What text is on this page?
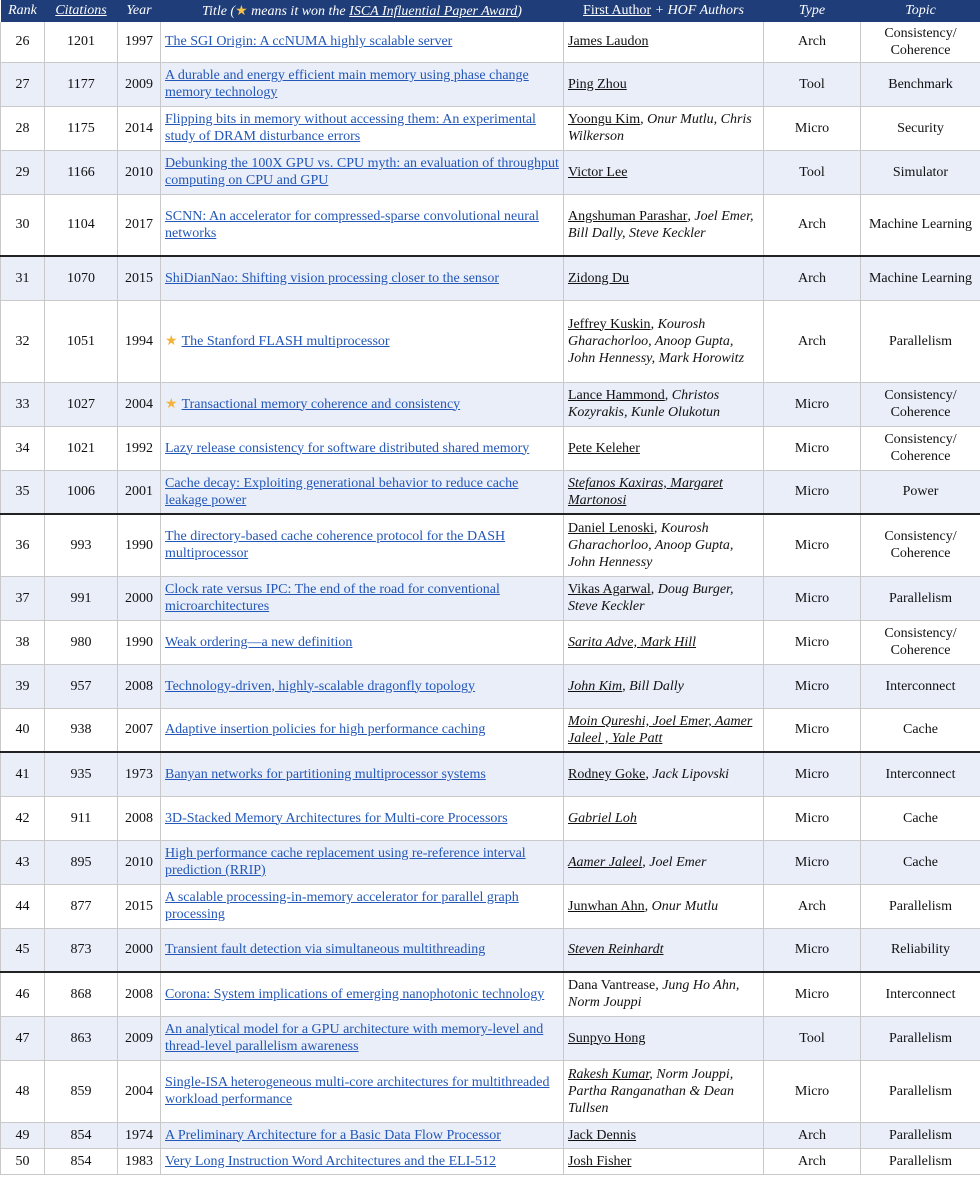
Rank	Citations	Year	Title (★ means it won the ISCA Influential Paper Award)	First Author + HOF Authors	Type	Topic
26	1201	1997	The SGI Origin: A ccNUMA highly scalable server	James Laudon	Arch	Consistency/ Coherence
27	1177	2009	A durable and energy efficient main memory using phase change memory technology	Ping Zhou	Tool	Benchmark
28	1175	2014	Flipping bits in memory without accessing them: An experimental study of DRAM disturbance errors	Yoongu Kim, Onur Mutlu, Chris Wilkerson	Micro	Security
29	1166	2010	Debunking the 100X GPU vs. CPU myth: an evaluation of throughput computing on CPU and GPU	Victor Lee	Tool	Simulator
30	1104	2017	SCNN: An accelerator for compressed-sparse convolutional neural networks	Angshuman Parashar, Joel Emer, Bill Dally, Steve Keckler	Arch	Machine Learning
31	1070	2015	ShiDianNao: Shifting vision processing closer to the sensor	Zidong Du	Arch	Machine Learning
32	1051	1994	★ The Stanford FLASH multiprocessor	Jeffrey Kuskin, Kourosh Gharachorloo, Anoop Gupta, John Hennessy, Mark Horowitz	Arch	Parallelism
33	1027	2004	★ Transactional memory coherence and consistency	Lance Hammond, Christos Kozyrakis, Kunle Olukotun	Micro	Consistency/ Coherence
34	1021	1992	Lazy release consistency for software distributed shared memory	Pete Keleher	Micro	Consistency/ Coherence
35	1006	2001	Cache decay: Exploiting generational behavior to reduce cache leakage power	Stefanos Kaxiras, Margaret Martonosi	Micro	Power
36	993	1990	The directory-based cache coherence protocol for the DASH multiprocessor	Daniel Lenoski, Kourosh Gharachorloo, Anoop Gupta, John Hennessy	Micro	Consistency/ Coherence
37	991	2000	Clock rate versus IPC: The end of the road for conventional microarchitectures	Vikas Agarwal, Doug Burger, Steve Keckler	Micro	Parallelism
38	980	1990	Weak ordering—a new definition	Sarita Adve, Mark Hill	Micro	Consistency/ Coherence
39	957	2008	Technology-driven, highly-scalable dragonfly topology	John Kim, Bill Dally	Micro	Interconnect
40	938	2007	Adaptive insertion policies for high performance caching	Moin Qureshi, Joel Emer, Aamer Jaleel , Yale Patt	Micro	Cache
41	935	1973	Banyan networks for partitioning multiprocessor systems	Rodney Goke, Jack Lipovski	Micro	Interconnect
42	911	2008	3D-Stacked Memory Architectures for Multi-core Processors	Gabriel Loh	Micro	Cache
43	895	2010	High performance cache replacement using re-reference interval prediction (RRIP)	Aamer Jaleel, Joel Emer	Micro	Cache
44	877	2015	A scalable processing-in-memory accelerator for parallel graph processing	Junwhan Ahn, Onur Mutlu	Arch	Parallelism
45	873	2000	Transient fault detection via simultaneous multithreading	Steven Reinhardt	Micro	Reliability
46	868	2008	Corona: System implications of emerging nanophotonic technology	Dana Vantrease, Jung Ho Ahn, Norm Jouppi	Micro	Interconnect
47	863	2009	An analytical model for a GPU architecture with memory-level and thread-level parallelism awareness	Sunpyo Hong	Tool	Parallelism
48	859	2004	Single-ISA heterogeneous multi-core architectures for multithreaded workload performance	Rakesh Kumar, Norm Jouppi, Partha Ranganathan & Dean Tullsen	Micro	Parallelism
49	854	1974	A Preliminary Architecture for a Basic Data Flow Processor	Jack Dennis	Arch	Parallelism
50	854	1983	Very Long Instruction Word Architectures and the ELI-512	Josh Fisher	Arch	Parallelism
